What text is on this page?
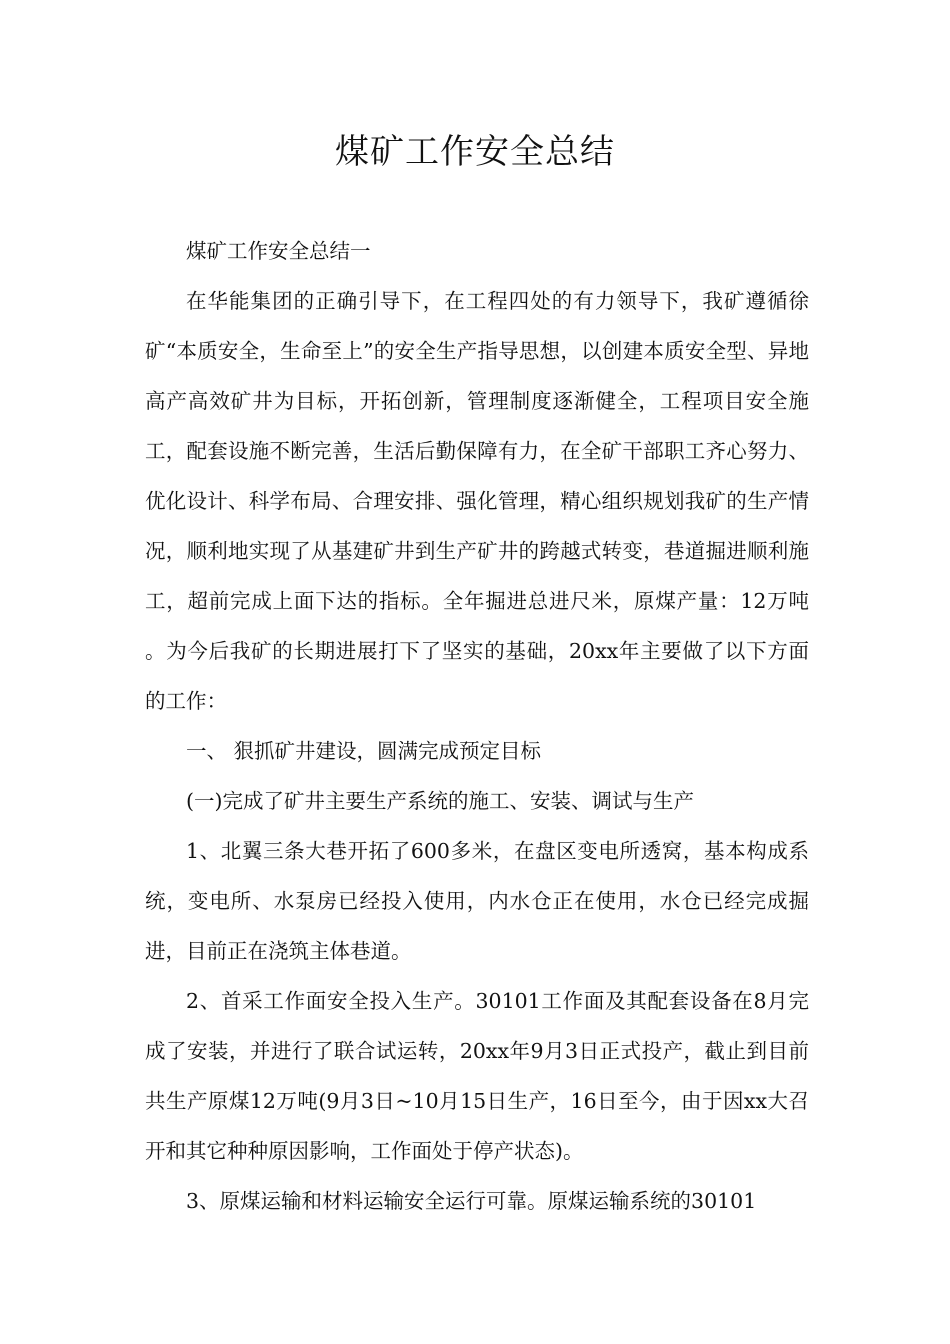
煤矿工作安全总结

煤矿工作安全总结一

在华能集团的正确引导下，在工程四处的有力领导下，我矿遵循徐矿“本质安全，生命至上”的安全生产指导思想，以创建本质安全型、异地高产高效矿井为目标，开拓创新，管理制度逐渐健全，工程项目安全施工，配套设施不断完善，生活后勤保障有力，在全矿干部职工齐心努力、优化设计、科学布局、合理安排、强化管理，精心组织规划我矿的生产情况，顺利地实现了从基建矿井到生产矿井的跨越式转变，巷道掘进顺利施工，超前完成上面下达的指标。全年掘进总进尺米，原煤产量：12万吨 。为今后我矿的长期进展打下了坚实的基础，20xx年主要做了以下方面的工作：

一、 狠抓矿井建设，圆满完成预定目标

(一)完成了矿井主要生产系统的施工、安装、调试与生产

1、北翼三条大巷开拓了600多米，在盘区变电所透窝，基本构成系统，变电所、水泵房已经投入使用，内水仓正在使用，水仓已经完成掘进，目前正在浇筑主体巷道。

2、首采工作面安全投入生产。30101工作面及其配套设备在8月完成了安装，并进行了联合试运转，20xx年9月3日正式投产，截止到目前共生产原煤12万吨(9月3日~10月15日生产，16日至今，由于因xx大召开和其它种种原因影响，工作面处于停产状态)。

3、原煤运输和材料运输安全运行可靠。原煤运输系统的30101
